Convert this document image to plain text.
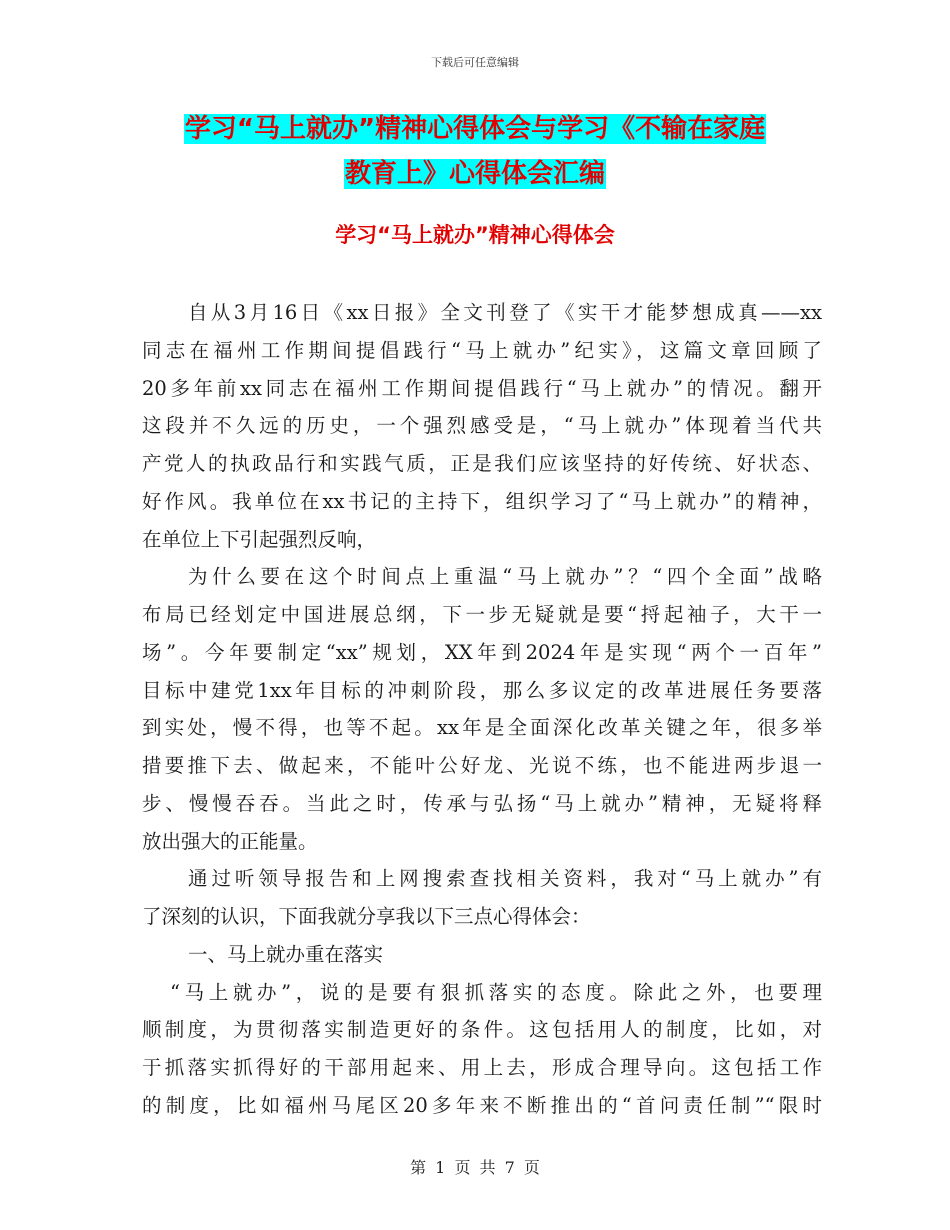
下载后可任意编辑
学习“马上就办”精神心得体会与学习《不输在家庭
教育上》心得体会汇编
学习“马上就办”精神心得体会
自从3月16日《xx日报》全文刊登了《实干才能梦想成真——xx
同志在福州工作期间提倡践行“马上就办”纪实》，这篇文章回顾了
20多年前xx同志在福州工作期间提倡践行“马上就办”的情况。翻开
这段并不久远的历史，一个强烈感受是，“马上就办”体现着当代共
产党人的执政品行和实践气质，正是我们应该坚持的好传统、好状态、
好作风。我单位在xx书记的主持下，组织学习了“马上就办”的精神，
在单位上下引起强烈反响，
为什么要在这个时间点上重温“马上就办”？“四个全面”战略
布局已经划定中国进展总纲，下一步无疑就是要“捋起袖子，大干一
场”。今年要制定“xx”规划，XX年到2024年是实现“两个一百年”
目标中建党1xx年目标的冲刺阶段，那么多议定的改革进展任务要落
到实处，慢不得，也等不起。xx年是全面深化改革关键之年，很多举
措要推下去、做起来，不能叶公好龙、光说不练，也不能进两步退一
步、慢慢吞吞。当此之时，传承与弘扬“马上就办”精神，无疑将释
放出强大的正能量。
通过听领导报告和上网搜索查找相关资料，我对“马上就办”有
了深刻的认识，下面我就分享我以下三点心得体会：
一、马上就办重在落实
“马上就办”，说的是要有狠抓落实的态度。除此之外，也要理
顺制度，为贯彻落实制造更好的条件。这包括用人的制度，比如，对
于抓落实抓得好的干部用起来、用上去，形成合理导向。这包括工作
的制度，比如福州马尾区20多年来不断推出的“首问责任制”“限时
第 1 页 共 7 页
